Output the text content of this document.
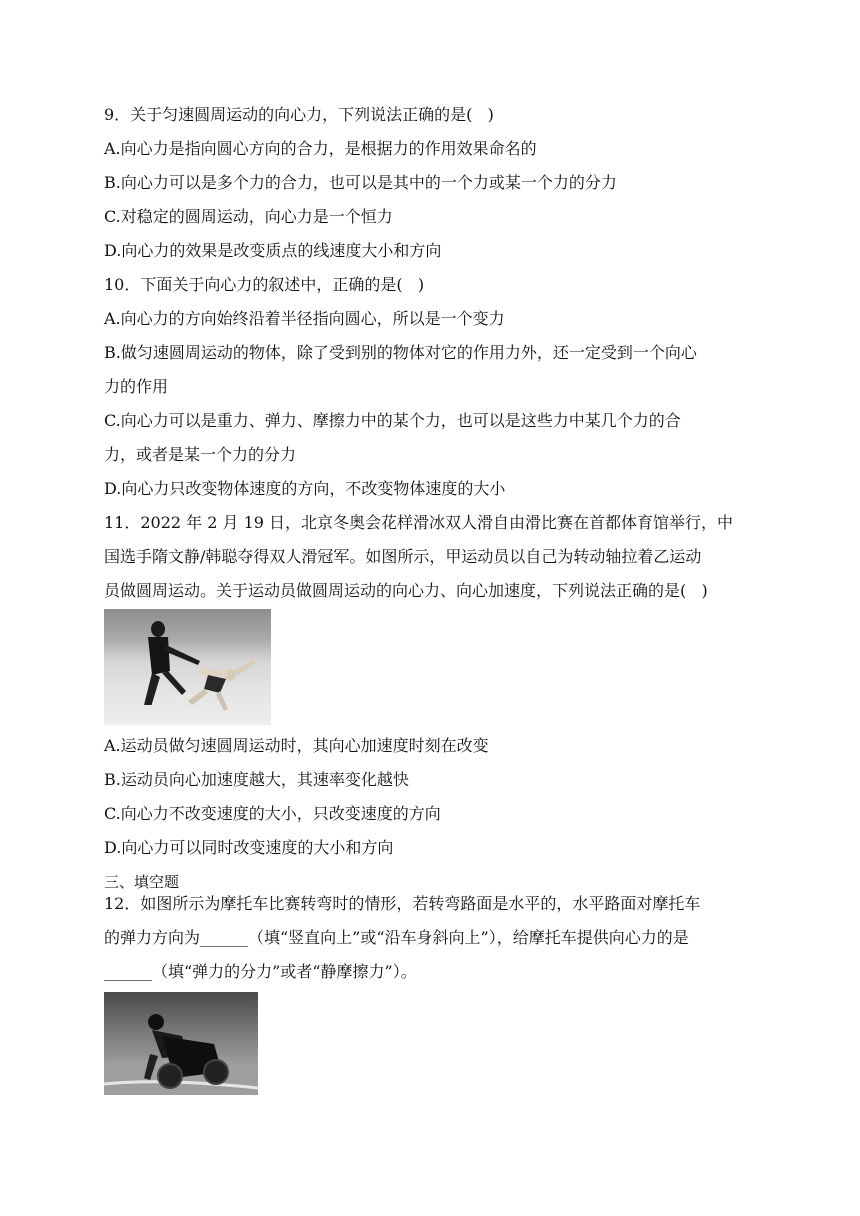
9．关于匀速圆周运动的向心力，下列说法正确的是(   )
A.向心力是指向圆心方向的合力，是根据力的作用效果命名的
B.向心力可以是多个力的合力，也可以是其中的一个力或某一个力的分力
C.对稳定的圆周运动，向心力是一个恒力
D.向心力的效果是改变质点的线速度大小和方向
10．下面关于向心力的叙述中，正确的是(   )
A.向心力的方向始终沿着半径指向圆心，所以是一个变力
B.做匀速圆周运动的物体，除了受到别的物体对它的作用力外，还一定受到一个向心
力的作用
C.向心力可以是重力、弹力、摩擦力中的某个力，也可以是这些力中某几个力的合
力，或者是某一个力的分力
D.向心力只改变物体速度的方向，不改变物体速度的大小
11．2022 年 2 月 19 日，北京冬奥会花样滑冰双人滑自由滑比赛在首都体育馆举行，中
国选手隋文静/韩聪夺得双人滑冠军。如图所示，甲运动员以自己为转动轴拉着乙运动
员做圆周运动。关于运动员做圆周运动的向心力、向心加速度，下列说法正确的是(   )
A.运动员做匀速圆周运动时，其向心加速度时刻在改变
B.运动员向心加速度越大，其速率变化越快
C.向心力不改变速度的大小，只改变速度的方向
D.向心力可以同时改变速度的大小和方向
三、填空题
12．如图所示为摩托车比赛转弯时的情形，若转弯路面是水平的，水平路面对摩托车
的弹力方向为______（填“竖直向上”或“沿车身斜向上”），给摩托车提供向心力的是
______（填“弹力的分力”或者“静摩擦力”）。
